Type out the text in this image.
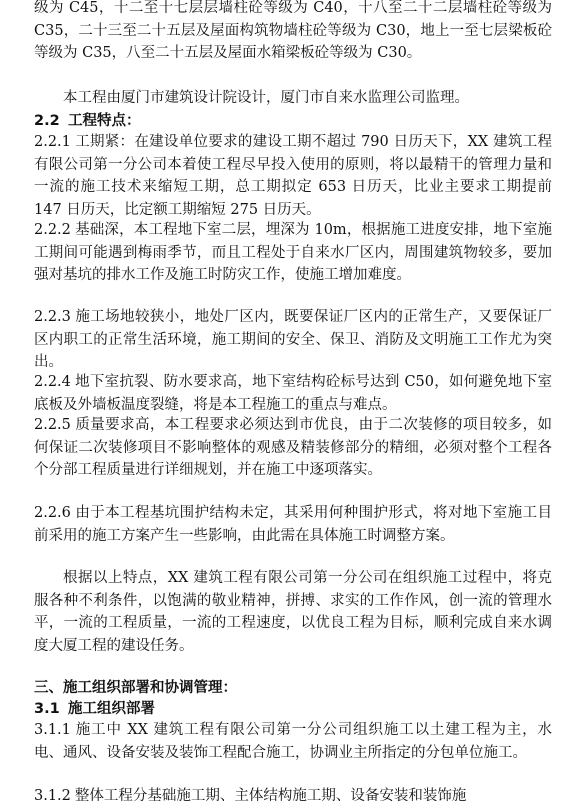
级为 C45，十二至十七层层墙柱砼等级为 C40，十八至二十二层墙柱砼等级为 C35，二十三至二十五层及屋面构筑物墙柱砼等级为 C30，地上一至七层梁板砼等级为 C35，八至二十五层及屋面水箱梁板砼等级为 C30。

本工程由厦门市建筑设计院设计，厦门市自来水监理公司监理。

2.2 工程特点：

2.2.1 工期紧：在建设单位要求的建设工期不超过 790 日历天下，XX 建筑工程有限公司第一分公司本着使工程尽早投入使用的原则，将以最精干的管理力量和一流的施工技术来缩短工期，总工期拟定 653 日历天，比业主要求工期提前 147 日历天，比定额工期缩短 275 日历天。

2.2.2 基础深，本工程地下室二层，埋深为 10m，根据施工进度安排，地下室施工期间可能遇到梅雨季节，而且工程处于自来水厂区内，周围建筑物较多，要加强对基坑的排水工作及施工时防灾工作，使施工增加难度。

2.2.3 施工场地较狭小，地处厂区内，既要保证厂区内的正常生产，又要保证厂区内职工的正常生活环境，施工期间的安全、保卫、消防及文明施工工作尤为突出。

2.2.4 地下室抗裂、防水要求高，地下室结构砼标号达到 C50，如何避免地下室底板及外墙板温度裂缝，将是本工程施工的重点与难点。

2.2.5 质量要求高，本工程要求必须达到市优良，由于二次装修的项目较多，如何保证二次装修项目不影响整体的观感及精装修部分的精细，必须对整个工程各个分部工程质量进行详细规划，并在施工中逐项落实。

2.2.6 由于本工程基坑围护结构未定，其采用何种围护形式，将对地下室施工目前采用的施工方案产生一些影响，由此需在具体施工时调整方案。

根据以上特点，XX 建筑工程有限公司第一分公司在组织施工过程中，将克服各种不利条件，以饱满的敬业精神，拼搏、求实的工作作风，创一流的管理水平，一流的工程质量，一流的工程速度，以优良工程为目标，顺利完成自来水调度大厦工程的建设任务。

三、施工组织部署和协调管理：

3.1 施工组织部署

3.1.1 施工中 XX 建筑工程有限公司第一分公司组织施工以土建工程为主，水电、通风、设备安装及装饰工程配合施工，协调业主所指定的分包单位施工。

3.1.2 整体工程分基础施工期、主体结构施工期、设备安装和装饰施
